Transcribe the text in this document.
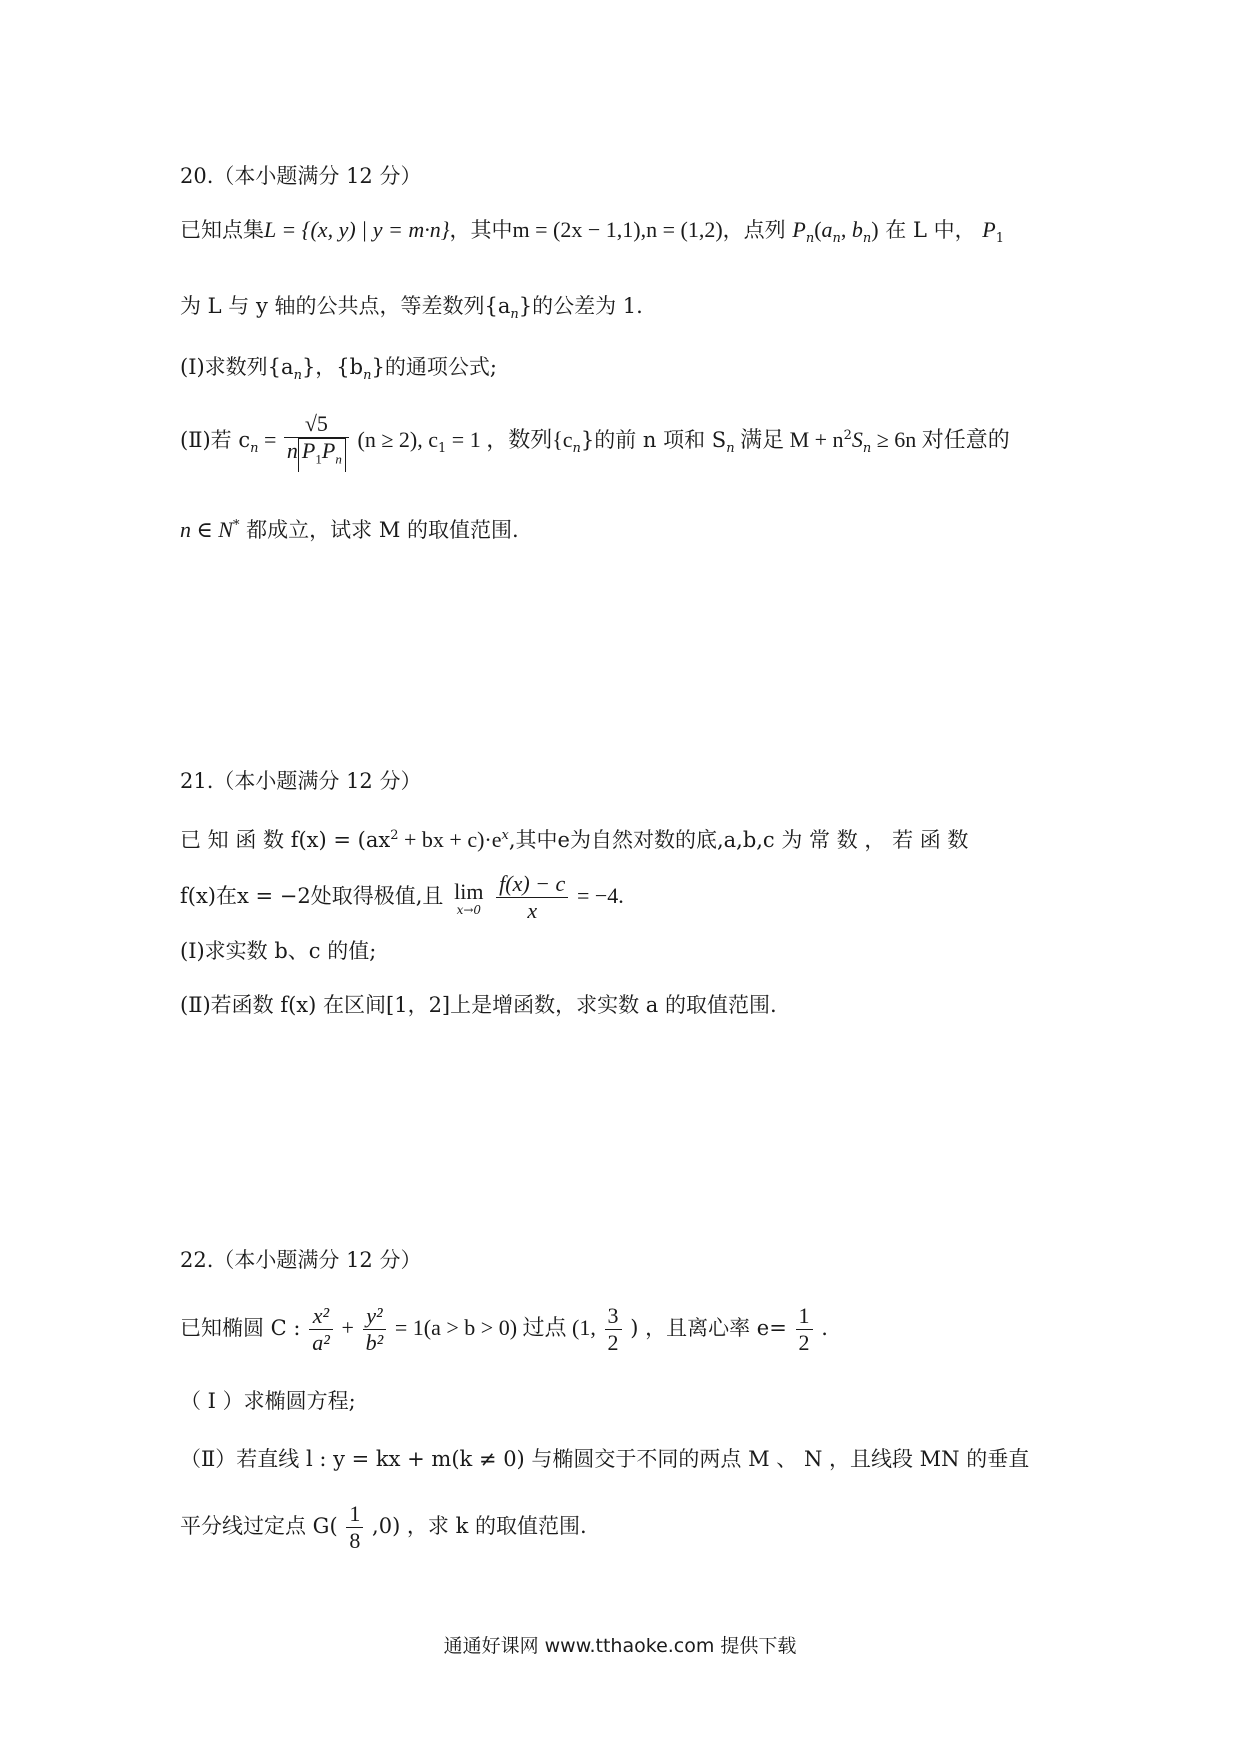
20.（本小题满分 12 分）
已知点集L = {(x, y) | y = m·n}，其中m = (2x − 1,1),n = (1,2)，点列 $P_n(a_n$, $b_n$) 在 L 中， $P_1$
为 L 与 y 轴的公共点，等差数列$\{a_n\}$的公差为 1.
(I)求数列$\{a_n\}$，$\{b_n\}$的通项公式;
(Ⅱ)若 $c_n = \frac{√5}{n P_1P_n} (n \ge 2)$, $c_1 = 1$ ，数列$\{c_n\}$的前 n 项和 $S_n$ 满足 $M + n^2S_n \ge 6n$ 对任意的
n ∈ N* 都成立，试求 M 的取值范围.
21.（本小题满分 12 分）
已 知 函 数 $f(x) = (ax^2$ + bx + $c)\cdot e^x$,其中e为自然对数的底,a,b,c 为 常 数 ， 若 函 数
f(x)在x = −2处取得极值,且 lim
x→0
$\frac{f(x) - c}{x} = -4$.
(I)求实数 b、c 的值;
(Ⅱ)若函数 f(x) 在区间[1，2]上是增函数，求实数 a 的取值范围.
22.（本小题满分 12 分）
已知椭圆 C : $\frac{\text{x²}}{\text{a²}} + \frac{\text{y²}}{\text{b²}} = 1(a > b > 0)$ 过点 (1, $\frac{3}{2}$ ) ，且离心率 $e= \frac{1}{2}$ .
（ I ）求椭圆方程;
（Ⅱ）若直线 l : y = kx + m(k ≠ 0) 与椭圆交于不同的两点 M 、 N ，且线段 MN 的垂直
平分线过定点 $G( \frac{1}{8} ,0)$ ，求 k 的取值范围.
通通好课网 www.tthaoke.com 提供下载
